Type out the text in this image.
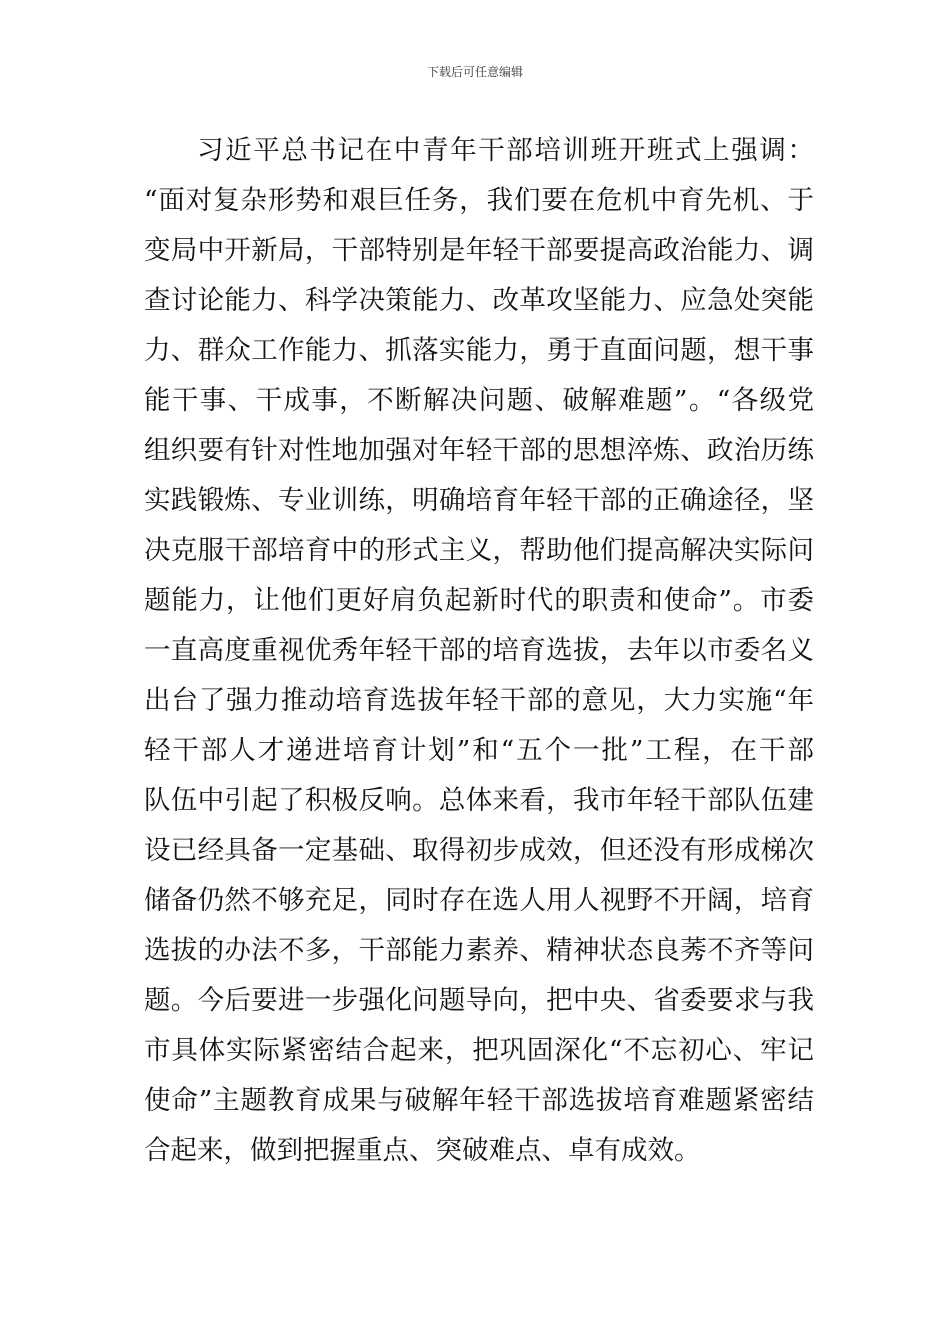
下载后可任意编辑
习近平总书记在中青年干部培训班开班式上强调：
“面对复杂形势和艰巨任务，我们要在危机中育先机、于
变局中开新局，干部特别是年轻干部要提高政治能力、调
查讨论能力、科学决策能力、改革攻坚能力、应急处突能
力、群众工作能力、抓落实能力，勇于直面问题，想干事
能干事、干成事，不断解决问题、破解难题”。“各级党
组织要有针对性地加强对年轻干部的思想淬炼、政治历练
实践锻炼、专业训练，明确培育年轻干部的正确途径，坚
决克服干部培育中的形式主义，帮助他们提高解决实际问
题能力，让他们更好肩负起新时代的职责和使命”。市委
一直高度重视优秀年轻干部的培育选拔，去年以市委名义
出台了强力推动培育选拔年轻干部的意见，大力实施“年
轻干部人才递进培育计划”和“五个一批”工程，在干部
队伍中引起了积极反响。总体来看，我市年轻干部队伍建
设已经具备一定基础、取得初步成效，但还没有形成梯次
储备仍然不够充足，同时存在选人用人视野不开阔，培育
选拔的办法不多，干部能力素养、精神状态良莠不齐等问
题。今后要进一步强化问题导向，把中央、省委要求与我
市具体实际紧密结合起来，把巩固深化“不忘初心、牢记
使命”主题教育成果与破解年轻干部选拔培育难题紧密结
合起来，做到把握重点、突破难点、卓有成效。
